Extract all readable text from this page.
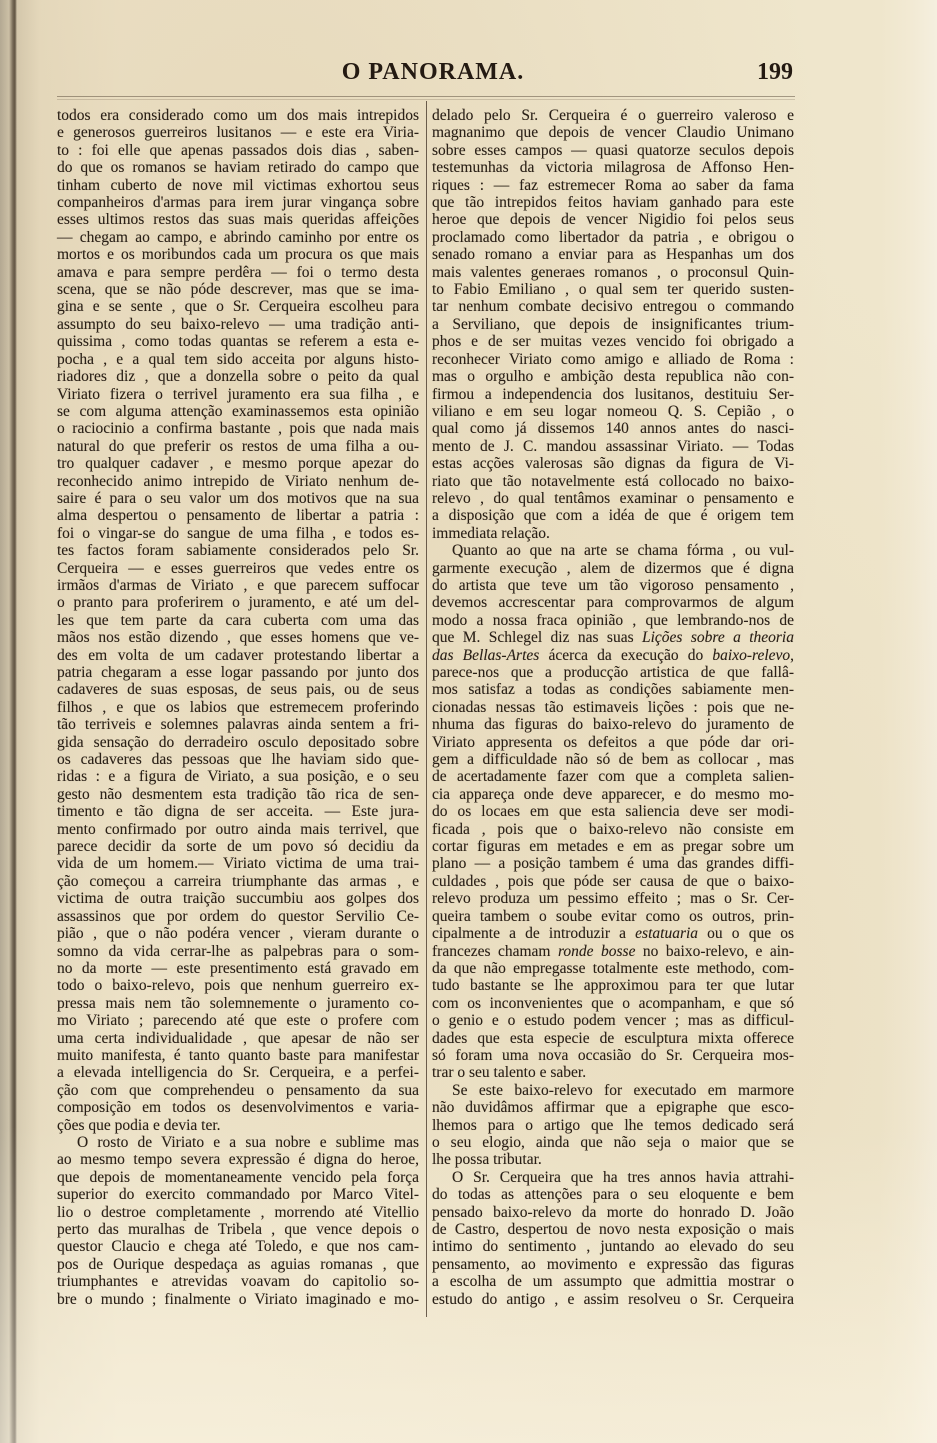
O PANORAMA.	199
todos era considerado como um dos mais intrepidos
e generosos guerreiros lusitanos — e este era Viria-
to : foi elle que apenas passados dois dias , saben-
do que os romanos se haviam retirado do campo que
tinham cuberto de nove mil victimas exhortou seus
companheiros d'armas para irem jurar vingança sobre
esses ultimos restos das suas mais queridas affeições
— chegam ao campo, e abrindo caminho por entre os
mortos e os moribundos cada um procura os que mais
amava e para sempre perdêra — foi o termo desta
scena, que se não póde descrever, mas que se ima-
gina e se sente , que o Sr. Cerqueira escolheu para
assumpto do seu baixo-relevo — uma tradição anti-
quissima , como todas quantas se referem a esta e-
pocha , e a qual tem sido acceita por alguns histo-
riadores diz , que a donzella sobre o peito da qual
Viriato fizera o terrivel juramento era sua filha , e
se com alguma attenção examinassemos esta opinião
o raciocinio a confirma bastante , pois que nada mais
natural do que preferir os restos de uma filha a ou-
tro qualquer cadaver , e mesmo porque apezar do
reconhecido animo intrepido de Viriato nenhum de-
saire é para o seu valor um dos motivos que na sua
alma despertou o pensamento de libertar a patria :
foi o vingar-se do sangue de uma filha , e todos es-
tes factos foram sabiamente considerados pelo Sr.
Cerqueira — e esses guerreiros que vedes entre os
irmãos d'armas de Viriato , e que parecem suffocar
o pranto para proferirem o juramento, e até um del-
les que tem parte da cara cuberta com uma das
mãos nos estão dizendo , que esses homens que ve-
des em volta de um cadaver protestando libertar a
patria chegaram a esse logar passando por junto dos
cadaveres de suas esposas, de seus pais, ou de seus
filhos , e que os labios que estremecem proferindo
tão terriveis e solemnes palavras ainda sentem a fri-
gida sensação do derradeiro osculo depositado sobre
os cadaveres das pessoas que lhe haviam sido que-
ridas : e a figura de Viriato, a sua posição, e o seu
gesto não desmentem esta tradição tão rica de sen-
timento e tão digna de ser acceita. — Este jura-
mento confirmado por outro ainda mais terrivel, que
parece decidir da sorte de um povo só decidiu da
vida de um homem.— Viriato victima de uma trai-
ção começou a carreira triumphante das armas , e
victima de outra traição succumbiu aos golpes dos
assassinos que por ordem do questor Servilio Ce-
pião , que o não podéra vencer , vieram durante o
somno da vida cerrar-lhe as palpebras para o som-
no da morte — este presentimento está gravado em
todo o baixo-relevo, pois que nenhum guerreiro ex-
pressa mais nem tão solemnemente o juramento co-
mo Viriato ; parecendo até que este o profere com
uma certa individualidade , que apesar de não ser
muito manifesta, é tanto quanto baste para manifestar
a elevada intelligencia do Sr. Cerqueira, e a perfei-
ção com que comprehendeu o pensamento da sua
composição em todos os desenvolvimentos e varia-
ções que podia e devia ter.
O rosto de Viriato e a sua nobre e sublime mas
ao mesmo tempo severa expressão é digna do heroe,
que depois de momentaneamente vencido pela força
superior do exercito commandado por Marco Vitel-
lio o destroe completamente , morrendo até Vitellio
perto das muralhas de Tribela , que vence depois o
questor Claucio e chega até Toledo, e que nos cam-
pos de Ourique despedaça as aguias romanas , que
triumphantes e atrevidas voavam do capitolio so-
bre o mundo ; finalmente o Viriato imaginado e mo-
delado pelo Sr. Cerqueira é o guerreiro valeroso e
magnanimo que depois de vencer Claudio Unimano
sobre esses campos — quasi quatorze seculos depois
testemunhas da victoria milagrosa de Affonso Hen-
riques : — faz estremecer Roma ao saber da fama
que tão intrepidos feitos haviam ganhado para este
heroe que depois de vencer Nigidio foi pelos seus
proclamado como libertador da patria , e obrigou o
senado romano a enviar para as Hespanhas um dos
mais valentes generaes romanos , o proconsul Quin-
to Fabio Emiliano , o qual sem ter querido susten-
tar nenhum combate decisivo entregou o commando
a Serviliano, que depois de insignificantes trium-
phos e de ser muitas vezes vencido foi obrigado a
reconhecer Viriato como amigo e alliado de Roma :
mas o orgulho e ambição desta republica não con-
firmou a independencia dos lusitanos, destituiu Ser-
viliano e em seu logar nomeou Q. S. Cepião , o
qual como já dissemos 140 annos antes do nasci-
mento de J. C. mandou assassinar Viriato. — Todas
estas acções valerosas são dignas da figura de Vi-
riato que tão notavelmente está collocado no baixo-
relevo , do qual tentâmos examinar o pensamento e
a disposição que com a idéa de que é origem tem
immediata relação.
Quanto ao que na arte se chama fórma , ou vul-
garmente execução , alem de dizermos que é digna
do artista que teve um tão vigoroso pensamento ,
devemos accrescentar para comprovarmos de algum
modo a nossa fraca opinião , que lembrando-nos de
que M. Schlegel diz nas suas Lições sobre a theoria
das Bellas-Artes ácerca da execução do baixo-relevo,
parece-nos que a producção artistica de que fallâ-
mos satisfaz a todas as condições sabiamente men-
cionadas nessas tão estimaveis lições : pois que ne-
nhuma das figuras do baixo-relevo do juramento de
Viriato appresenta os defeitos a que póde dar ori-
gem a difficuldade não só de bem as collocar , mas
de acertadamente fazer com que a completa salien-
cia appareça onde deve apparecer, e do mesmo mo-
do os locaes em que esta saliencia deve ser modi-
ficada , pois que o baixo-relevo não consiste em
cortar figuras em metades e em as pregar sobre um
plano — a posição tambem é uma das grandes diffi-
culdades , pois que póde ser causa de que o baixo-
relevo produza um pessimo effeito ; mas o Sr. Cer-
queira tambem o soube evitar como os outros, prin-
cipalmente a de introduzir a estatuaria ou o que os
francezes chamam ronde bosse no baixo-relevo, e ain-
da que não empregasse totalmente este methodo, com-
tudo bastante se lhe approximou para ter que lutar
com os inconvenientes que o acompanham, e que só
o genio e o estudo podem vencer ; mas as difficul-
dades que esta especie de esculptura mixta offerece
só foram uma nova occasião do Sr. Cerqueira mos-
trar o seu talento e saber.
Se este baixo-relevo for executado em marmore
não duvidâmos affirmar que a epigraphe que esco-
lhemos para o artigo que lhe temos dedicado será
o seu elogio, ainda que não seja o maior que se
lhe possa tributar.
O Sr. Cerqueira que ha tres annos havia attrahi-
do todas as attenções para o seu eloquente e bem
pensado baixo-relevo da morte do honrado D. João
de Castro, despertou de novo nesta exposição o mais
intimo do sentimento , juntando ao elevado do seu
pensamento, ao movimento e expressão das figuras
a escolha de um assumpto que admittia mostrar o
estudo do antigo , e assim resolveu o Sr. Cerqueira
